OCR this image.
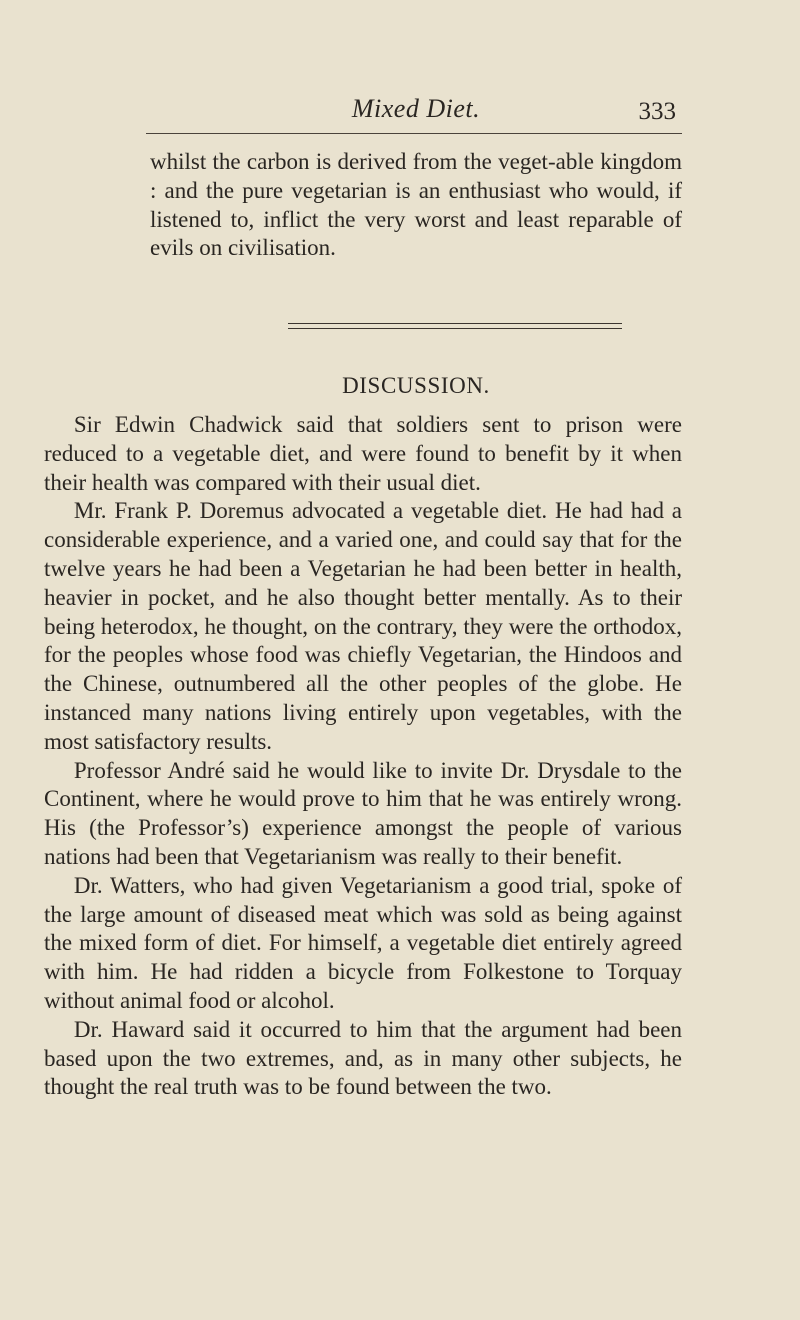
Mixed Diet.	333

whilst the carbon is derived from the veget-able kingdom : and the pure vegetarian is an enthusiast who would, if listened to, inflict the very worst and least reparable of evils on civilisation.

DISCUSSION.

Sir Edwin Chadwick said that soldiers sent to prison were reduced to a vegetable diet, and were found to benefit by it when their health was compared with their usual diet.

Mr. Frank P. Doremus advocated a vegetable diet. He had had a considerable experience, and a varied one, and could say that for the twelve years he had been a Vegetarian he had been better in health, heavier in pocket, and he also thought better mentally. As to their being heterodox, he thought, on the contrary, they were the orthodox, for the peoples whose food was chiefly Vegetarian, the Hindoos and the Chinese, outnumbered all the other peoples of the globe. He instanced many nations living entirely upon vegetables, with the most satisfactory results.

Professor André said he would like to invite Dr. Drysdale to the Continent, where he would prove to him that he was entirely wrong. His (the Professor’s) experience amongst the people of various nations had been that Vegetarianism was really to their benefit.

Dr. Watters, who had given Vegetarianism a good trial, spoke of the large amount of diseased meat which was sold as being against the mixed form of diet. For himself, a vegetable diet entirely agreed with him. He had ridden a bicycle from Folkestone to Torquay without animal food or alcohol.

Dr. Haward said it occurred to him that the argument had been based upon the two extremes, and, as in many other subjects, he thought the real truth was to be found between the two.
